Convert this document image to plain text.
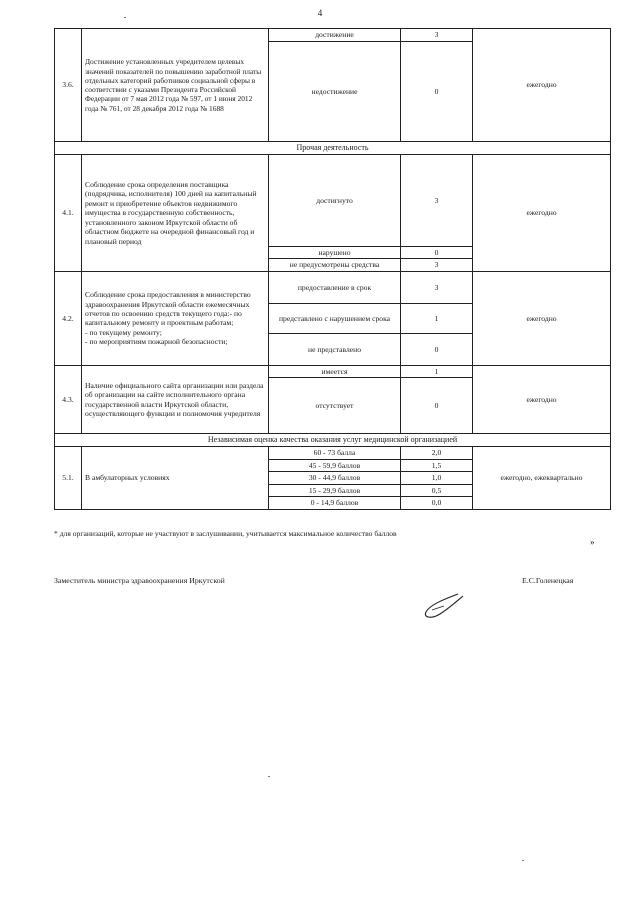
4
3.6.	Достижение установленных учредителем целевых значений показателей по повышению заработной платы отдельных категорий работников социальной сферы в соответствии с указами Президента Российской Федерации от 7 мая 2012 года № 597, от 1 июня 2012 года № 761, от 28 декабря 2012 года № 1688	достижение	3	ежегодно
		недостижение	0	
Прочая деятельность				
4.1.	Соблюдение срока определения поставщика (подрядчика, исполнителя) 100 дней на капитальный ремонт и приобретение объектов недвижимого имущества в государственную собственность, установленного законом Иркутской области об областном бюджете на очередной финансовый год и плановый период	достигнуто	3	ежегодно
		нарушено	0	
		не предусмотрены средства	3	
4.2.	Соблюдение срока предоставления в министерство здравоохранения Иркутской области ежемесячных отчетов по освоению средств текущего года:- по капитальному ремонту и проектным работам;
- по текущему ремонту;
- по мероприятиям пожарной безопасности;	предоставление в срок	3	ежегодно
		представлено с нарушением срока	1	
		не представлено	0	
4.3.	Наличие официального сайта организации или раздела об организации на сайте исполнительного органа государственной власти Иркутской области, осуществляющего функции и полномочия учредителя	имеется	1	ежегодно
		отсутствует	0	
Независимая оценка качества оказания услуг медицинской организацией				
5.1.	В амбулаторных условиях	60 - 73 балла	2,0	ежегодно, ежеквартально
		45 - 59,9 баллов	1,5	
		30 - 44,9 баллов	1,0	
		15 - 29,9 баллов	0,5	
		0 - 14,9 баллов	0,0	
* для организаций, которые не участвуют в заслушивании, учитывается максимальное количество баллов
»
Заместитель министра здравоохранения Иркутской	Е.С.Голенецкая
